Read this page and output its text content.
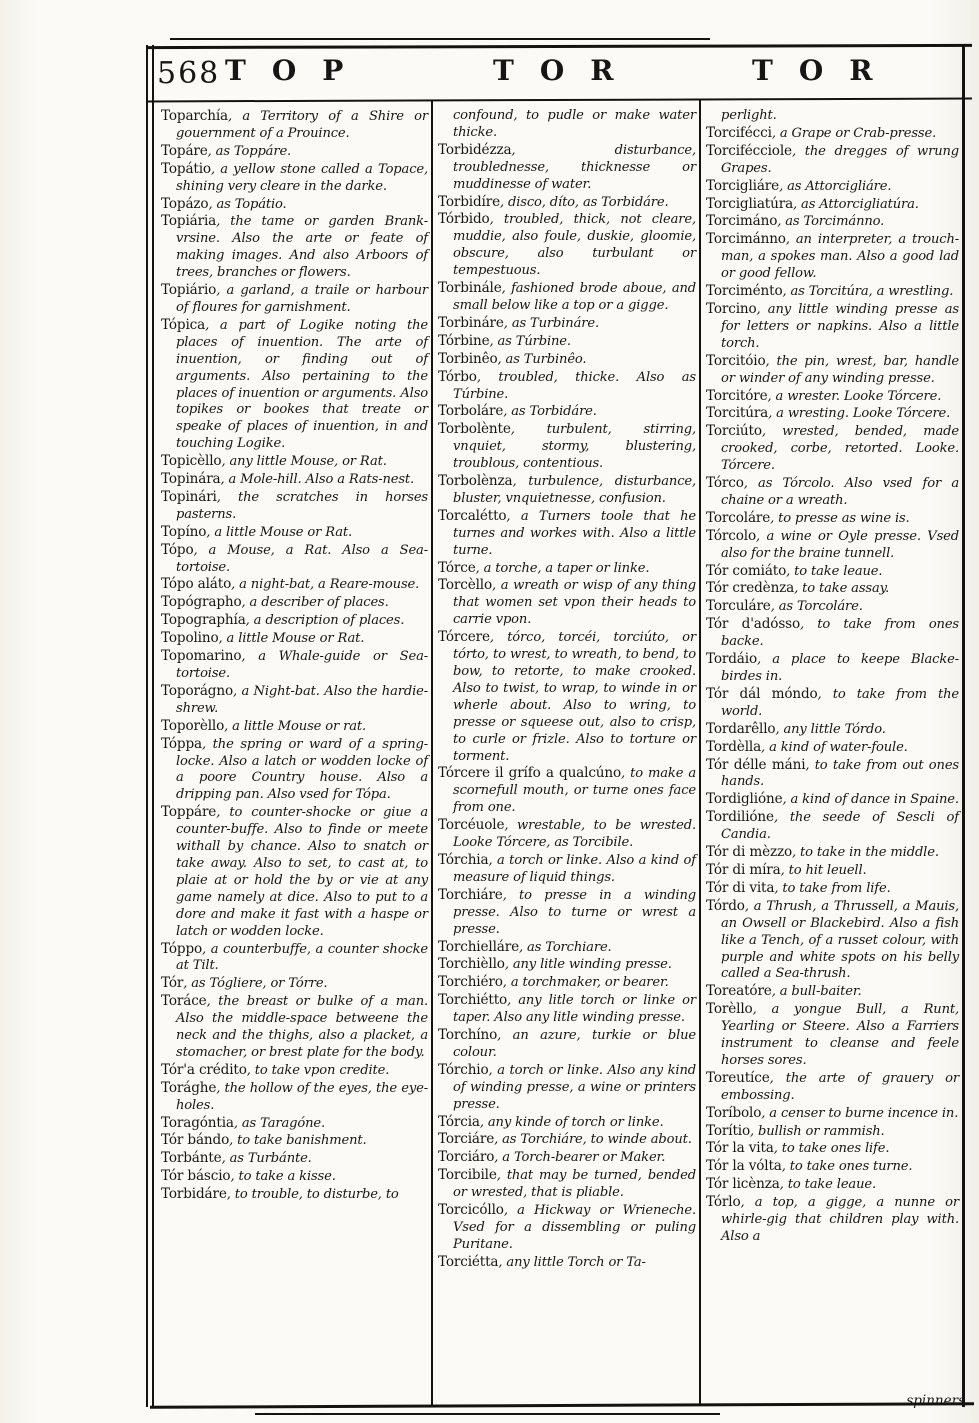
568 TOP	TOR	TOR
Toparchía, a Territory of a Shire or gouernment of a Prouince.
Topáre, as Toppáre.
Topátio, a yellow stone called a Topace, shining very cleare in the darke.
Topázo, as Topátio.
Topiária, the tame or garden Brank-vrsine. Also the arte or feate of making images. And also Arboors of trees, branches or flowers.
Topiário, a garland, a traile or harbour of floures for garnishment.
Tópica, a part of Logike noting the places of inuention. The arte of inuention, or finding out of arguments. Also pertaining to the places of inuention or arguments. Also topikes or bookes that treate or speake of places of inuention, in and touching Logike.
Topicèllo, any little Mouse, or Rat.
Topinára, a Mole-hill. Also a Rats-nest.
Topinári, the scratches in horses pasterns.
Topíno, a little Mouse or Rat.
Tópo, a Mouse, a Rat. Also a Sea-tortoise.
Tópo aláto, a night-bat, a Reare-mouse.
Topógrapho, a describer of places.
Topographía, a description of places.
Topolino, a little Mouse or Rat.
Topomarino, a Whale-guide or Sea-tortoise.
Toporágno, a Night-bat. Also the hardie-shrew.
Toporèllo, a little Mouse or rat.
Tóppa, the spring or ward of a spring-locke. Also a latch or wodden locke of a poore Country house. Also a dripping pan. Also vsed for Tópa.
Toppáre, to counter-shocke or giue a counter-buffe. Also to finde or meete withall by chance. Also to snatch or take away. Also to set, to cast at, to plaie at or hold the by or vie at any game namely at dice. Also to put to a dore and make it fast with a haspe or latch or wodden locke.
Tóppo, a counterbuffe, a counter shocke at Tilt.
Tór, as Tógliere, or Tórre.
Toráce, the breast or bulke of a man. Also the middle-space betweene the neck and the thighs, also a placket, a stomacher, or brest plate for the body.
Tór'a crédito, to take vpon credite.
Torághe, the hollow of the eyes, the eye-holes.
Toragóntia, as Taragóne.
Tór bándo, to take banishment.
Torbánte, as Turbánte.
Tór báscio, to take a kisse.
Torbidáre, to trouble, to disturbe, to
confound, to pudle or make water thicke.
Torbidézza, disturbance, troublednesse, thicknesse or muddinesse of water.
Torbidíre, disco, díto, as Torbidáre.
Tórbido, troubled, thick, not cleare, muddie, also foule, duskie, gloomie, obscure, also turbulant or tempestuous.
Torbinále, fashioned brode aboue, and small below like a top or a gigge.
Torbináre, as Turbináre.
Tórbine, as Túrbine.
Torbinêo, as Turbinêo.
Tórbo, troubled, thicke. Also as Túrbine.
Torboláre, as Torbidáre.
Torbolènte, turbulent, stirring, vnquiet, stormy, blustering, troublous, contentious.
Torbolènza, turbulence, disturbance, bluster, vnquietnesse, confusion.
Torcalétto, a Turners toole that he turnes and workes with. Also a little turne.
Tórce, a torche, a taper or linke.
Torcèllo, a wreath or wisp of any thing that women set vpon their heads to carrie vpon.
Tórcere, tórco, torcéi, torciúto, or tórto, to wrest, to wreath, to bend, to bow, to retorte, to make crooked. Also to twist, to wrap, to winde in or wherle about. Also to wring, to presse or squeese out, also to crisp, to curle or frizle. Also to torture or torment.
Tórcere il grífo a qualcúno, to make a scornefull mouth, or turne ones face from one.
Torcéuole, wrestable, to be wrested. Looke Tórcere, as Torcibile.
Tórchia, a torch or linke. Also a kind of measure of liquid things.
Torchiáre, to presse in a winding presse. Also to turne or wrest a presse.
Torchielláre, as Torchiare.
Torchièllo, any litle winding presse.
Torchiéro, a torchmaker, or bearer.
Torchiétto, any litle torch or linke or taper. Also any litle winding presse.
Torchíno, an azure, turkie or blue colour.
Tórchio, a torch or linke. Also any kind of winding presse, a wine or printers presse.
Tórcia, any kinde of torch or linke.
Torciáre, as Torchiáre, to winde about.
Torciáro, a Torch-bearer or Maker.
Torcibile, that may be turned, bended or wrested, that is pliable.
Torcicóllo, a Hickway or Wrieneche. Vsed for a dissembling or puling Puritane.
Torciétta, any little Torch or Ta-
perlight.
Torcifécci, a Grape or Crab-presse.
Torcifécciole, the dregges of wrung Grapes.
Torcigliáre, as Attorcigliáre.
Torcigliatúra, as Attorcigliatúra.
Torcimáno, as Torcimánno.
Torcimánno, an interpreter, a trouch-man, a spokes man. Also a good lad or good fellow.
Torciménto, as Torcitúra, a wrestling.
Torcino, any little winding presse as for letters or napkins. Also a little torch.
Torcitóio, the pin, wrest, bar, handle or winder of any winding presse.
Torcitóre, a wrester. Looke Tórcere.
Torcitúra, a wresting. Looke Tórcere.
Torciúto, wrested, bended, made crooked, corbe, retorted. Looke. Tórcere.
Tórco, as Tórcolo. Also vsed for a chaine or a wreath.
Torcoláre, to presse as wine is.
Tórcolo, a wine or Oyle presse. Vsed also for the braine tunnell.
Tór comiáto, to take leaue.
Tór credènza, to take assay.
Torculáre, as Torcoláre.
Tór d'adósso, to take from ones backe.
Tordáio, a place to keepe Blacke-birdes in.
Tór dál móndo, to take from the world.
Tordarêllo, any little Tórdo.
Tordèlla, a kind of water-foule.
Tór délle máni, to take from out ones hands.
Tordiglióne, a kind of dance in Spaine.
Tordilióne, the seede of Sescli of Candia.
Tór di mèzzo, to take in the middle.
Tór di míra, to hit leuell.
Tór di vita, to take from life.
Tórdo, a Thrush, a Thrussell, a Mauis, an Owsell or Blackebird. Also a fish like a Tench, of a russet colour, with purple and white spots on his belly called a Sea-thrush.
Toreatóre, a bull-baiter.
Torèllo, a yongue Bull, a Runt, Yearling or Steere. Also a Farriers instrument to cleanse and feele horses sores.
Toreutíce, the arte of grauery or embossing.
Toríbolo, a censer to burne incence in.
Torítio, bullish or rammish.
Tór la vita, to take ones life.
Tór la vólta, to take ones turne.
Tór licènza, to take leaue.
Tórlo, a top, a gigge, a nunne or whirle-gig that children play with. Also a
spinners
